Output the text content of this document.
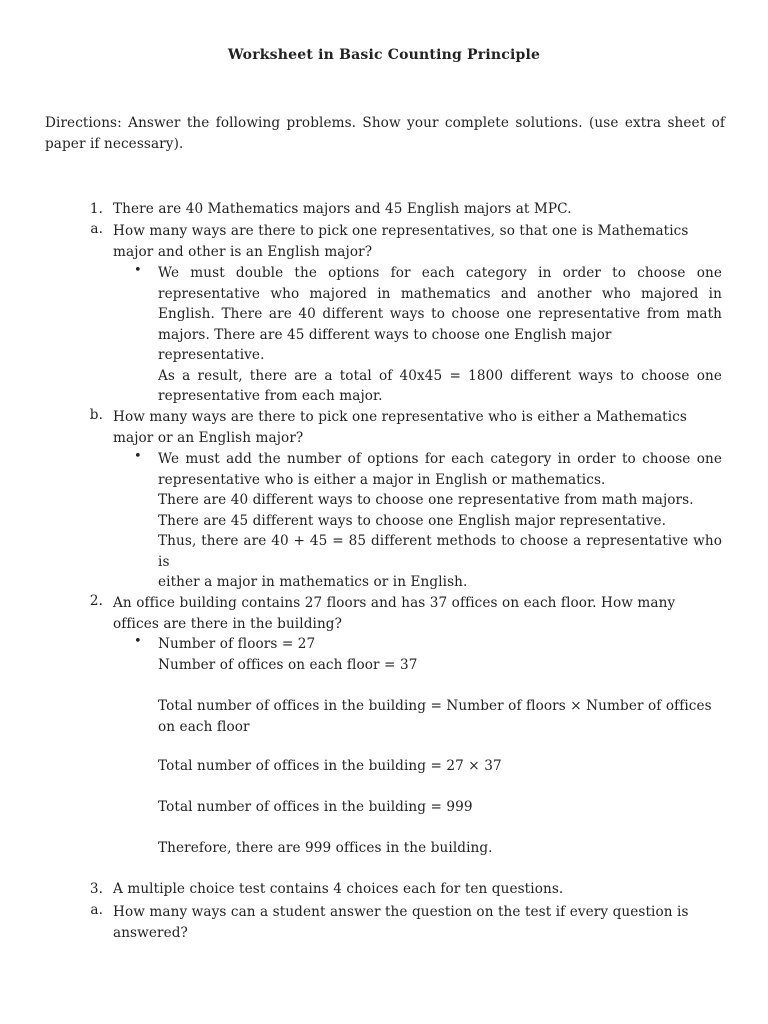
Worksheet in Basic Counting Principle
Directions: Answer the following problems. Show your complete solutions. (use extra sheet of
paper if necessary).
1. There are 40 Mathematics majors and 45 English majors at MPC.
a. How many ways are there to pick one representatives, so that one is Mathematics
major and other is an English major?
• We must double the options for each category in order to choose one
representative who majored in mathematics and another who majored in
English. There are 40 different ways to choose one representative from math
majors. There are 45 different ways to choose one English major representative.
As a result, there are a total of 40x45 = 1800 different ways to choose one
representative from each major.
b. How many ways are there to pick one representative who is either a Mathematics
major or an English major?
• We must add the number of options for each category in order to choose one
representative who is either a major in English or mathematics.
There are 40 different ways to choose one representative from math majors.
There are 45 different ways to choose one English major representative.
Thus, there are 40 + 45 = 85 different methods to choose a representative who is
either a major in mathematics or in English.
2. An office building contains 27 floors and has 37 offices on each floor. How many
offices are there in the building?
• Number of floors = 27
Number of offices on each floor = 37
Total number of offices in the building = Number of floors × Number of offices
on each floor
Total number of offices in the building = 27 × 37
Total number of offices in the building = 999
Therefore, there are 999 offices in the building.
3. A multiple choice test contains 4 choices each for ten questions.
a. How many ways can a student answer the question on the test if every question is
answered?
